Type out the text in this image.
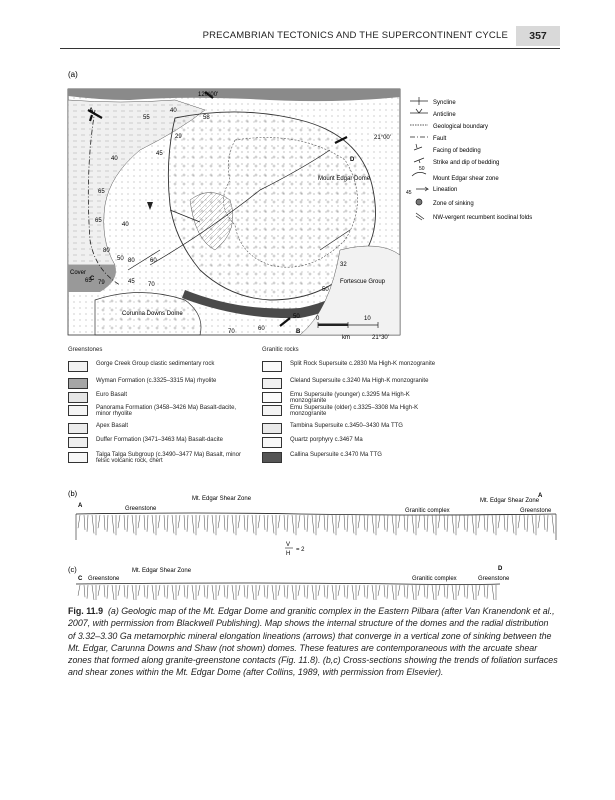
PRECAMBRIAN TECTONICS AND THE SUPERCONTINENT CYCLE	357
(a)
120°00'
21°00'
21°30'
Mount Edgar Dome
Fortescue Group
Corunna Downs Dome
Cover
A
B
C
D
55
40
58
29
40
45
65
65
40
80
50 80	60
65 79	45 70
70	60
32
50
50	0	10
km
Syncline
Anticline
Geological boundary
Fault
Facing of bedding
Strike and dip of bedding
50
Mount Edgar shear zone
Lineation
45
Zone of sinking
NW-vergent recumbent isoclinal folds
(b)
A
A
Greenstone
Mt. Edgar Shear Zone
Granitic complex
Mt. Edgar Shear Zone
Greenstone
V
H
= 2
(c)
C
D
Greenstone
Mt. Edgar Shear Zone
Granitic complex	Greenstone
Greenstones	Granitic rocks
Gorge Creek Group clastic sedimentary rock
Wyman Formation (c.3325–3315 Ma) rhyolite
Euro Basalt
Panorama Formation (3458–3426 Ma) Basalt-dacite, minor rhyolite
Apex Basalt
Duffer Formation (3471–3463 Ma) Basalt-dacite
Talga Talga Subgroup (c.3490–3477 Ma) Basalt, minor felsic volcanic rock, chert
Split Rock Supersuite c.2830 Ma High-K monzogranite
Cleland Supersuite c.3240 Ma High-K monzogranite
Emu Supersuite (younger) c.3295 Ma High-K monzogranite
Emu Supersuite (older) c.3325–3308 Ma High-K monzogranite
Tambina Supersuite c.3450–3430 Ma TTG
Quartz porphyry c.3467 Ma
Callina Supersuite c.3470 Ma TTG
Fig. 11.9 (a) Geologic map of the Mt. Edgar Dome and granitic complex in the Eastern Pilbara (after Van Kranendonk et al., 2007, with permission from Blackwell Publishing). Map shows the internal structure of the domes and the radial distribution of 3.32–3.30 Ga metamorphic mineral elongation lineations (arrows) that converge in a vertical zone of sinking between the Mt. Edgar, Carunna Downs and Shaw (not shown) domes. These features are contemporaneous with the arcuate shear zones that formed along granite-greenstone contacts (Fig. 11.8). (b,c) Cross-sections showing the trends of foliation surfaces and shear zones within the Mt. Edgar Dome (after Collins, 1989, with permission from Elsevier).
